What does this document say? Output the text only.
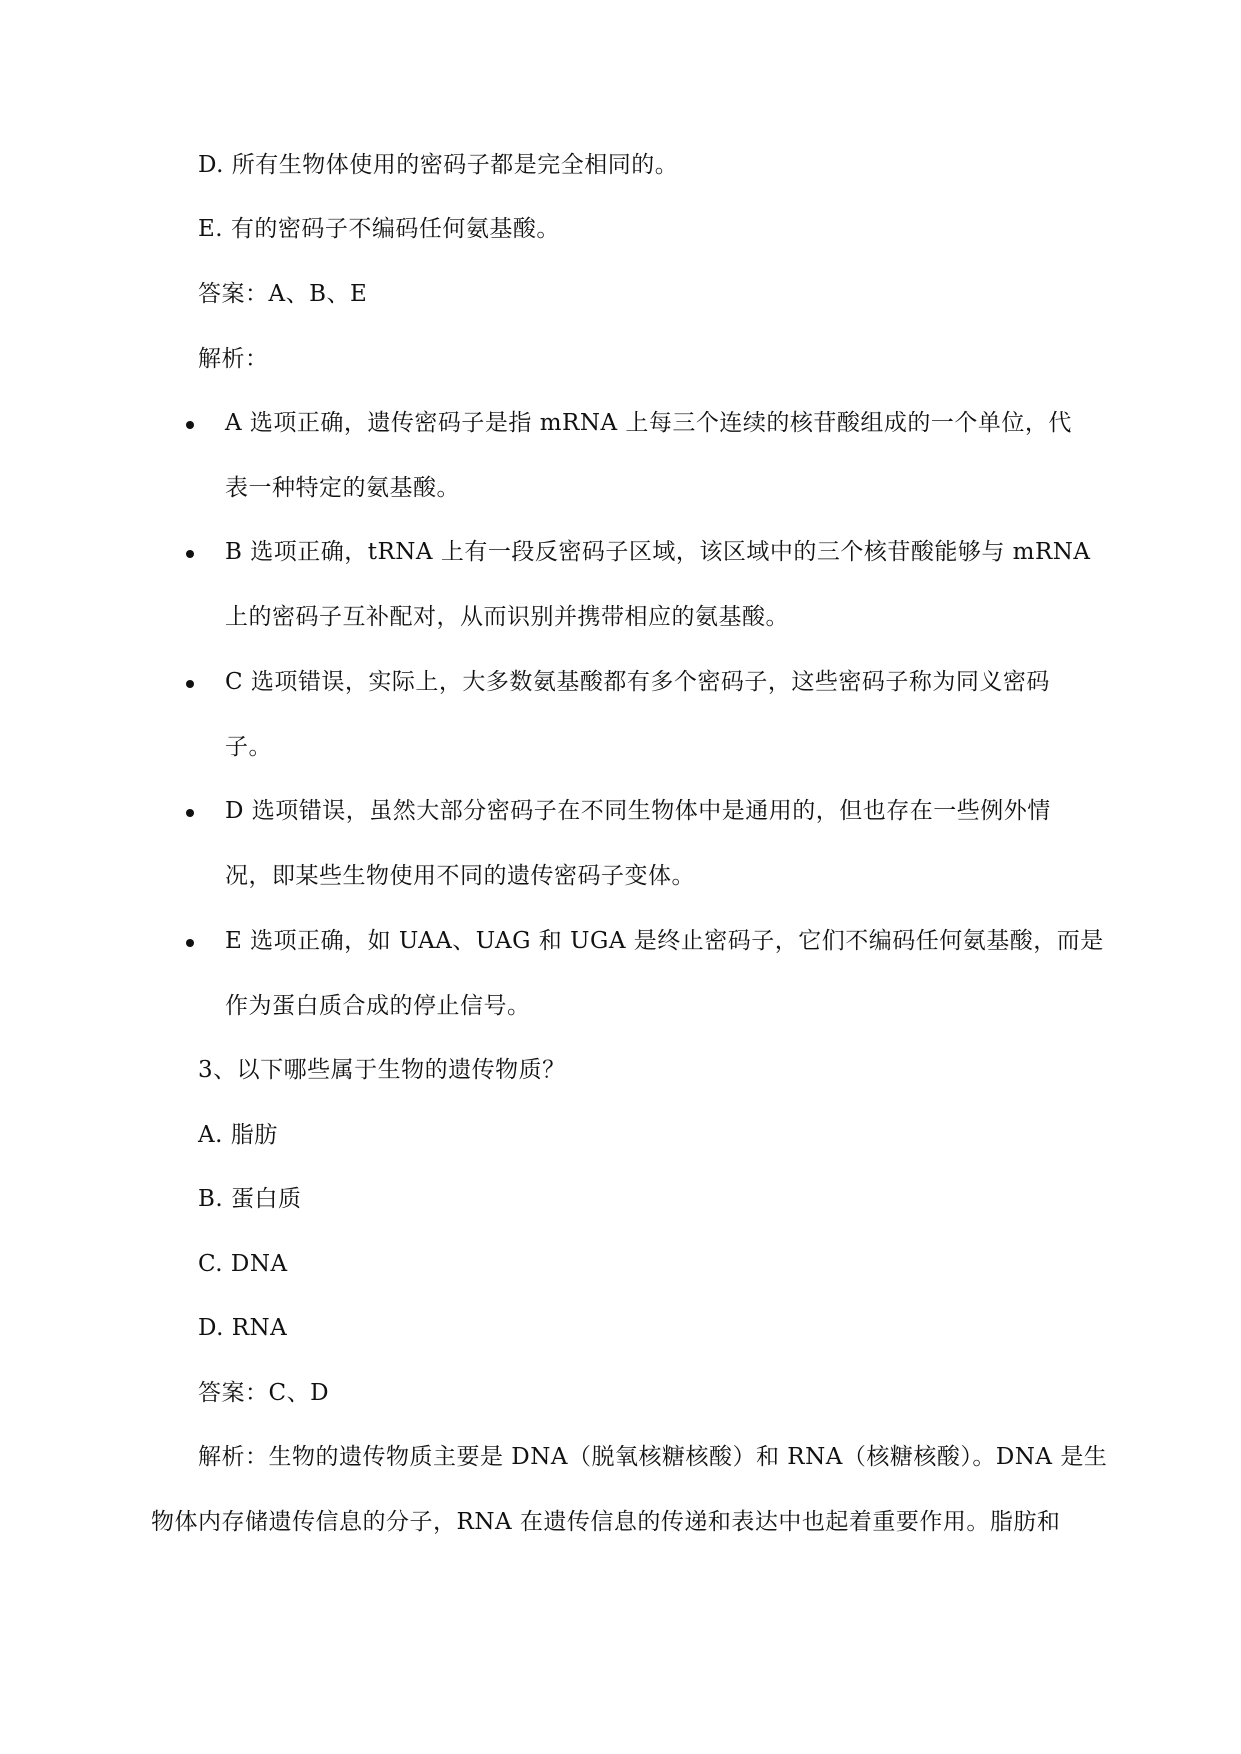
D. 所有生物体使用的密码子都是完全相同的。
E. 有的密码子不编码任何氨基酸。
答案：A、B、E
解析：
A 选项正确，遗传密码子是指 mRNA 上每三个连续的核苷酸组成的一个单位，代
表一种特定的氨基酸。
B 选项正确，tRNA 上有一段反密码子区域，该区域中的三个核苷酸能够与 mRNA
上的密码子互补配对，从而识别并携带相应的氨基酸。
C 选项错误，实际上，大多数氨基酸都有多个密码子，这些密码子称为同义密码
子。
D 选项错误，虽然大部分密码子在不同生物体中是通用的，但也存在一些例外情
况，即某些生物使用不同的遗传密码子变体。
E 选项正确，如 UAA、UAG 和 UGA 是终止密码子，它们不编码任何氨基酸，而是
作为蛋白质合成的停止信号。
3、以下哪些属于生物的遗传物质？
A. 脂肪
B. 蛋白质
C. DNA
D. RNA
答案：C、D
解析：生物的遗传物质主要是 DNA（脱氧核糖核酸）和 RNA（核糖核酸）。DNA 是生
物体内存储遗传信息的分子，RNA 在遗传信息的传递和表达中也起着重要作用。脂肪和
